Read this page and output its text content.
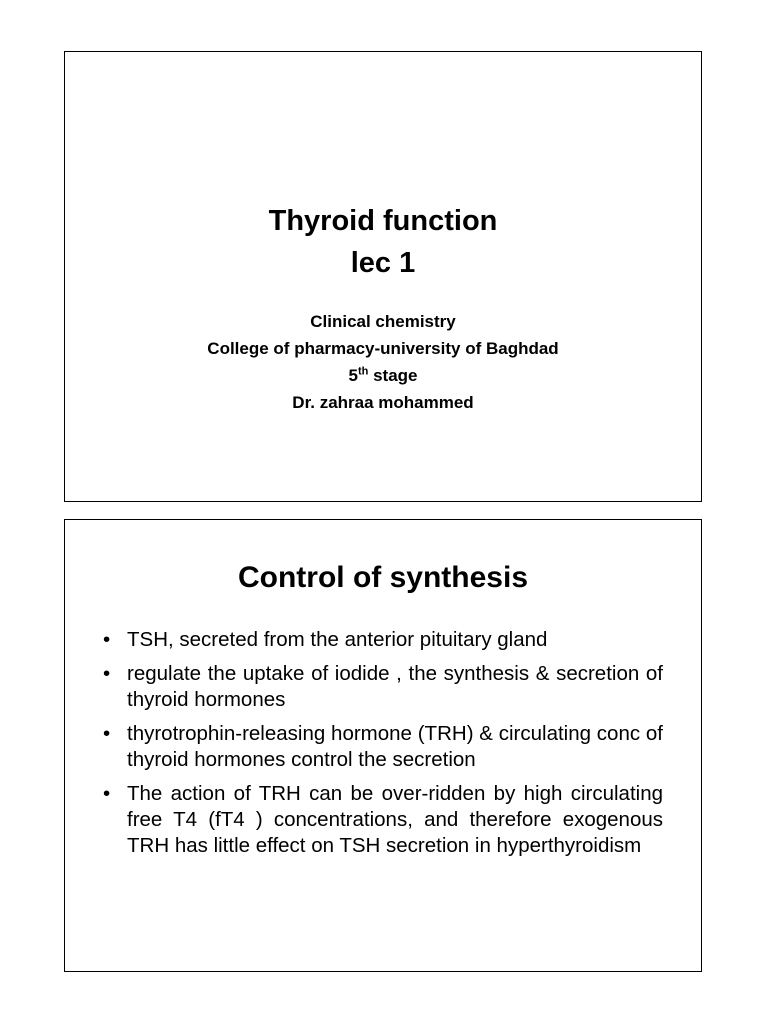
Thyroid function
lec 1
Clinical chemistry
College of pharmacy-university of Baghdad
5th stage
Dr. zahraa mohammed
Control of synthesis
• TSH, secreted from the anterior pituitary gland
• regulate the uptake of iodide , the synthesis & secretion of thyroid hormones
• thyrotrophin-releasing hormone (TRH) & circulating conc of thyroid hormones control the secretion
• The action of TRH can be over-ridden by high circulating free T4 (fT4 ) concentrations, and therefore exogenous TRH has little effect on TSH secretion in hyperthyroidism
